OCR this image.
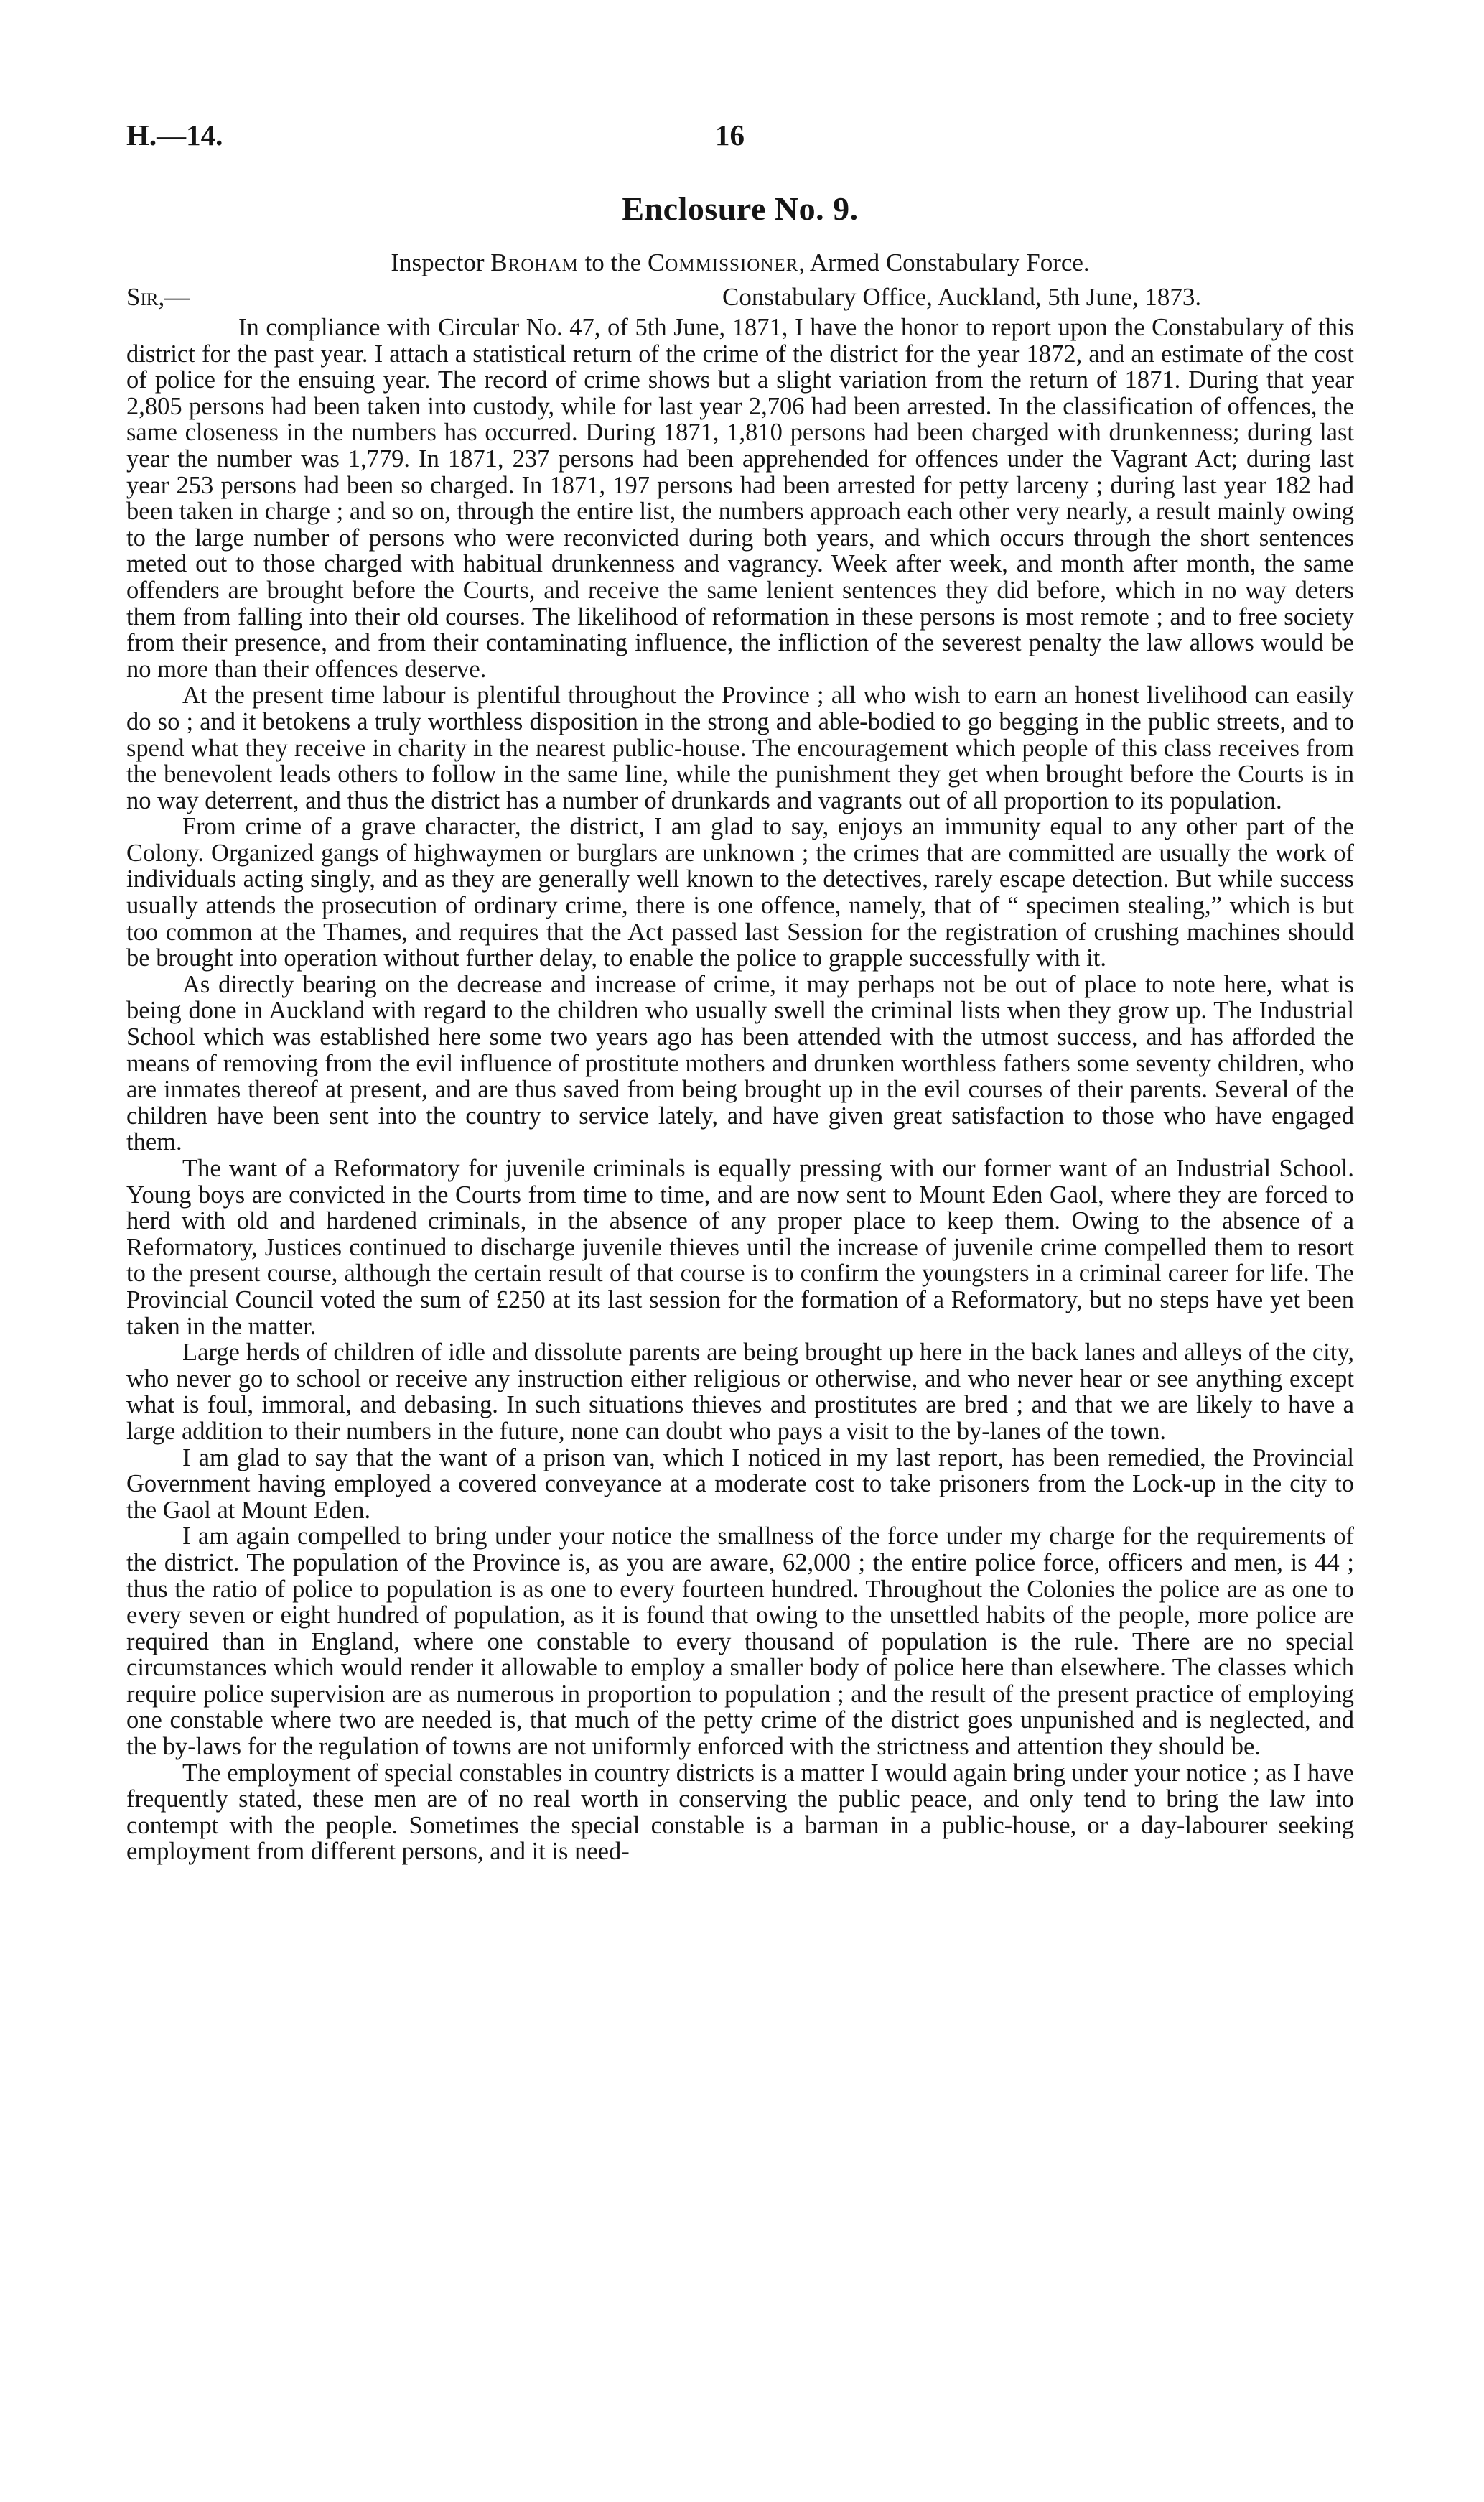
H.—14.	16
Enclosure No. 9.
Inspector Broham to the Commissioner, Armed Constabulary Force.
Sir,—	Constabulary Office, Auckland, 5th June, 1873.

In compliance with Circular No. 47, of 5th June, 1871, I have the honor to report upon the Constabulary of this district for the past year. I attach a statistical return of the crime of the district for the year 1872, and an estimate of the cost of police for the ensuing year. The record of crime shows but a slight variation from the return of 1871. During that year 2,805 persons had been taken into custody, while for last year 2,706 had been arrested. In the classification of offences, the same closeness in the numbers has occurred. During 1871, 1,810 persons had been charged with drunkenness; during last year the number was 1,779. In 1871, 237 persons had been apprehended for offences under the Vagrant Act; during last year 253 persons had been so charged. In 1871, 197 persons had been arrested for petty larceny ; during last year 182 had been taken in charge ; and so on, through the entire list, the numbers approach each other very nearly, a result mainly owing to the large number of persons who were reconvicted during both years, and which occurs through the short sentences meted out to those charged with habitual drunkenness and vagrancy. Week after week, and month after month, the same offenders are brought before the Courts, and receive the same lenient sentences they did before, which in no way deters them from falling into their old courses. The likelihood of reformation in these persons is most remote ; and to free society from their presence, and from their contaminating influence, the infliction of the severest penalty the law allows would be no more than their offences deserve.

At the present time labour is plentiful throughout the Province ; all who wish to earn an honest livelihood can easily do so ; and it betokens a truly worthless disposition in the strong and able-bodied to go begging in the public streets, and to spend what they receive in charity in the nearest public-house. The encouragement which people of this class receives from the benevolent leads others to follow in the same line, while the punishment they get when brought before the Courts is in no way deterrent, and thus the district has a number of drunkards and vagrants out of all proportion to its population.

From crime of a grave character, the district, I am glad to say, enjoys an immunity equal to any other part of the Colony. Organized gangs of highwaymen or burglars are unknown ; the crimes that are committed are usually the work of individuals acting singly, and as they are generally well known to the detectives, rarely escape detection. But while success usually attends the prosecution of ordinary crime, there is one offence, namely, that of “ specimen stealing,” which is but too common at the Thames, and requires that the Act passed last Session for the registration of crushing machines should be brought into operation without further delay, to enable the police to grapple successfully with it.

As directly bearing on the decrease and increase of crime, it may perhaps not be out of place to note here, what is being done in Auckland with regard to the children who usually swell the criminal lists when they grow up. The Industrial School which was established here some two years ago has been attended with the utmost success, and has afforded the means of removing from the evil influence of prostitute mothers and drunken worthless fathers some seventy children, who are inmates thereof at present, and are thus saved from being brought up in the evil courses of their parents. Several of the children have been sent into the country to service lately, and have given great satisfaction to those who have engaged them.

The want of a Reformatory for juvenile criminals is equally pressing with our former want of an Industrial School. Young boys are convicted in the Courts from time to time, and are now sent to Mount Eden Gaol, where they are forced to herd with old and hardened criminals, in the absence of any proper place to keep them. Owing to the absence of a Reformatory, Justices continued to discharge juvenile thieves until the increase of juvenile crime compelled them to resort to the present course, although the certain result of that course is to confirm the youngsters in a criminal career for life. The Provincial Council voted the sum of £250 at its last session for the formation of a Reformatory, but no steps have yet been taken in the matter.

Large herds of children of idle and dissolute parents are being brought up here in the back lanes and alleys of the city, who never go to school or receive any instruction either religious or otherwise, and who never hear or see anything except what is foul, immoral, and debasing. In such situations thieves and prostitutes are bred ; and that we are likely to have a large addition to their numbers in the future, none can doubt who pays a visit to the by-lanes of the town.

I am glad to say that the want of a prison van, which I noticed in my last report, has been remedied, the Provincial Government having employed a covered conveyance at a moderate cost to take prisoners from the Lock-up in the city to the Gaol at Mount Eden.

I am again compelled to bring under your notice the smallness of the force under my charge for the requirements of the district. The population of the Province is, as you are aware, 62,000 ; the entire police force, officers and men, is 44 ; thus the ratio of police to population is as one to every fourteen hundred. Throughout the Colonies the police are as one to every seven or eight hundred of population, as it is found that owing to the unsettled habits of the people, more police are required than in England, where one constable to every thousand of population is the rule. There are no special circumstances which would render it allowable to employ a smaller body of police here than elsewhere. The classes which require police supervision are as numerous in proportion to population ; and the result of the present practice of employing one constable where two are needed is, that much of the petty crime of the district goes unpunished and is neglected, and the by-laws for the regulation of towns are not uniformly enforced with the strictness and attention they should be.

The employment of special constables in country districts is a matter I would again bring under your notice ; as I have frequently stated, these men are of no real worth in conserving the public peace, and only tend to bring the law into contempt with the people. Sometimes the special constable is a barman in a public-house, or a day-labourer seeking employment from different persons, and it is need-
